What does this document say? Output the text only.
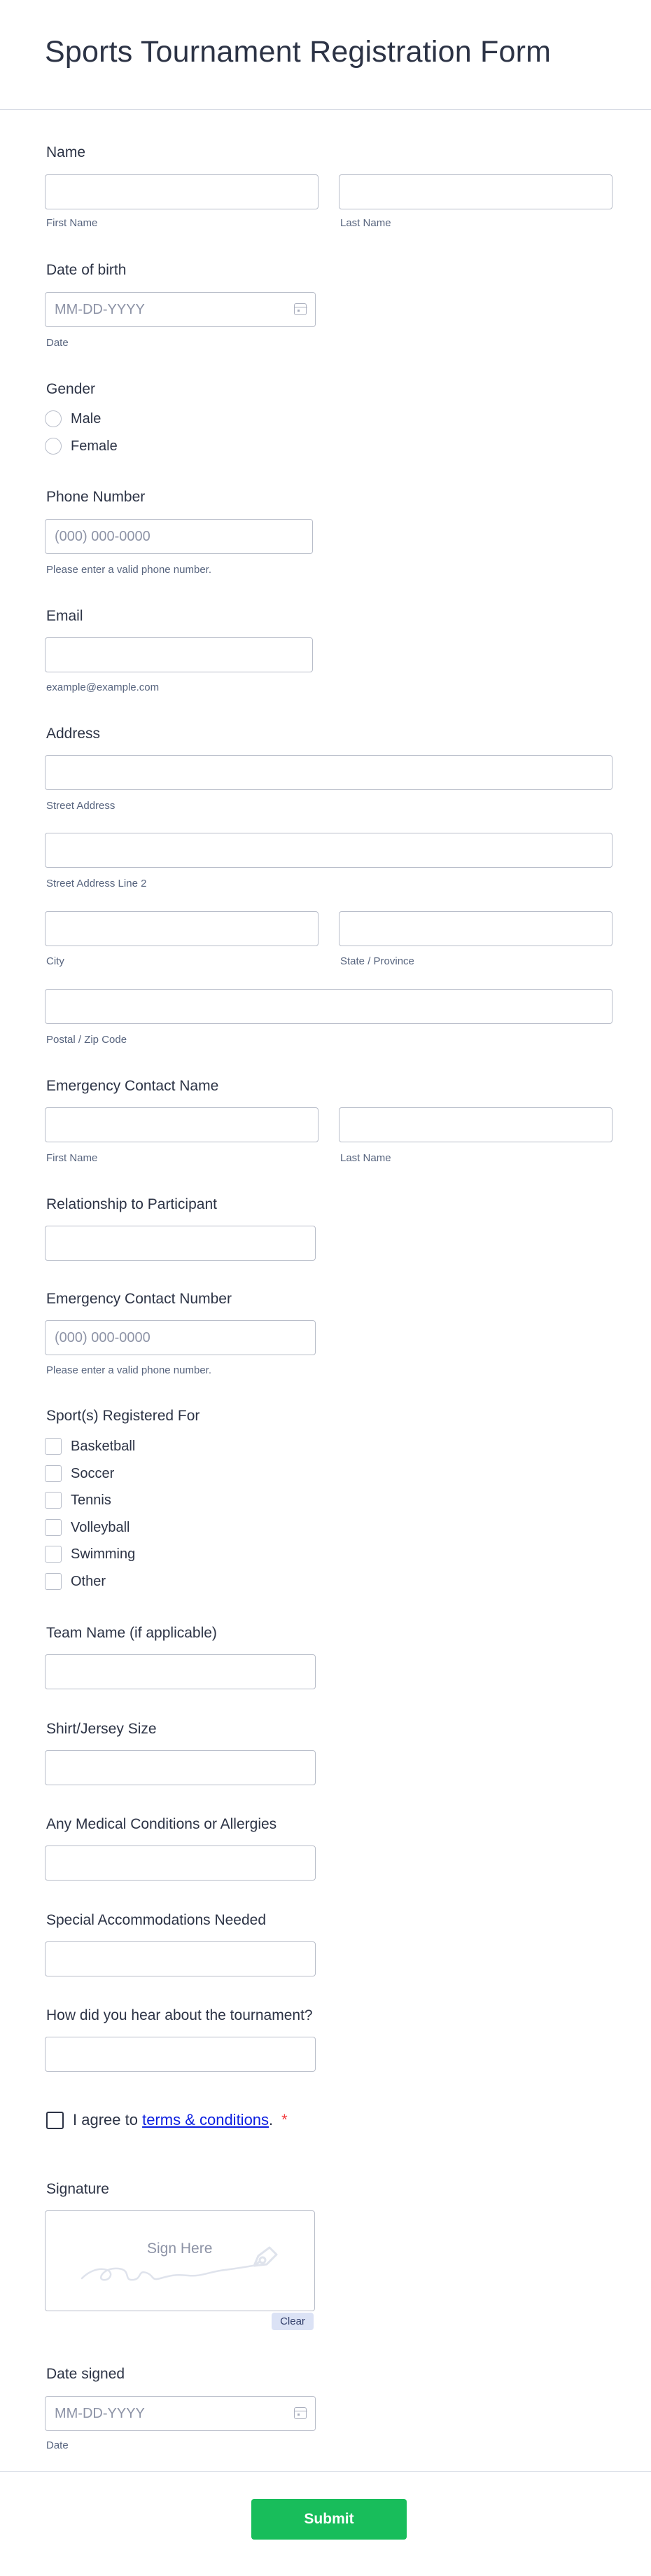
Sports Tournament Registration Form
Name
First Name	Last Name
Date of birth
MM-DD-YYYY
Date
Gender
Male
Female
Phone Number
(000) 000-0000
Please enter a valid phone number.
Email
example@example.com
Address
Street Address
Street Address Line 2
City	State / Province
Postal / Zip Code
Emergency Contact Name
First Name	Last Name
Relationship to Participant
Emergency Contact Number
(000) 000-0000
Please enter a valid phone number.
Sport(s) Registered For
Basketball
Soccer
Tennis
Volleyball
Swimming
Other
Team Name (if applicable)
Shirt/Jersey Size
Any Medical Conditions or Allergies
Special Accommodations Needed
How did you hear about the tournament?
I agree to terms & conditions. *
Signature
Sign Here
Clear
Date signed
MM-DD-YYYY
Date
Submit
